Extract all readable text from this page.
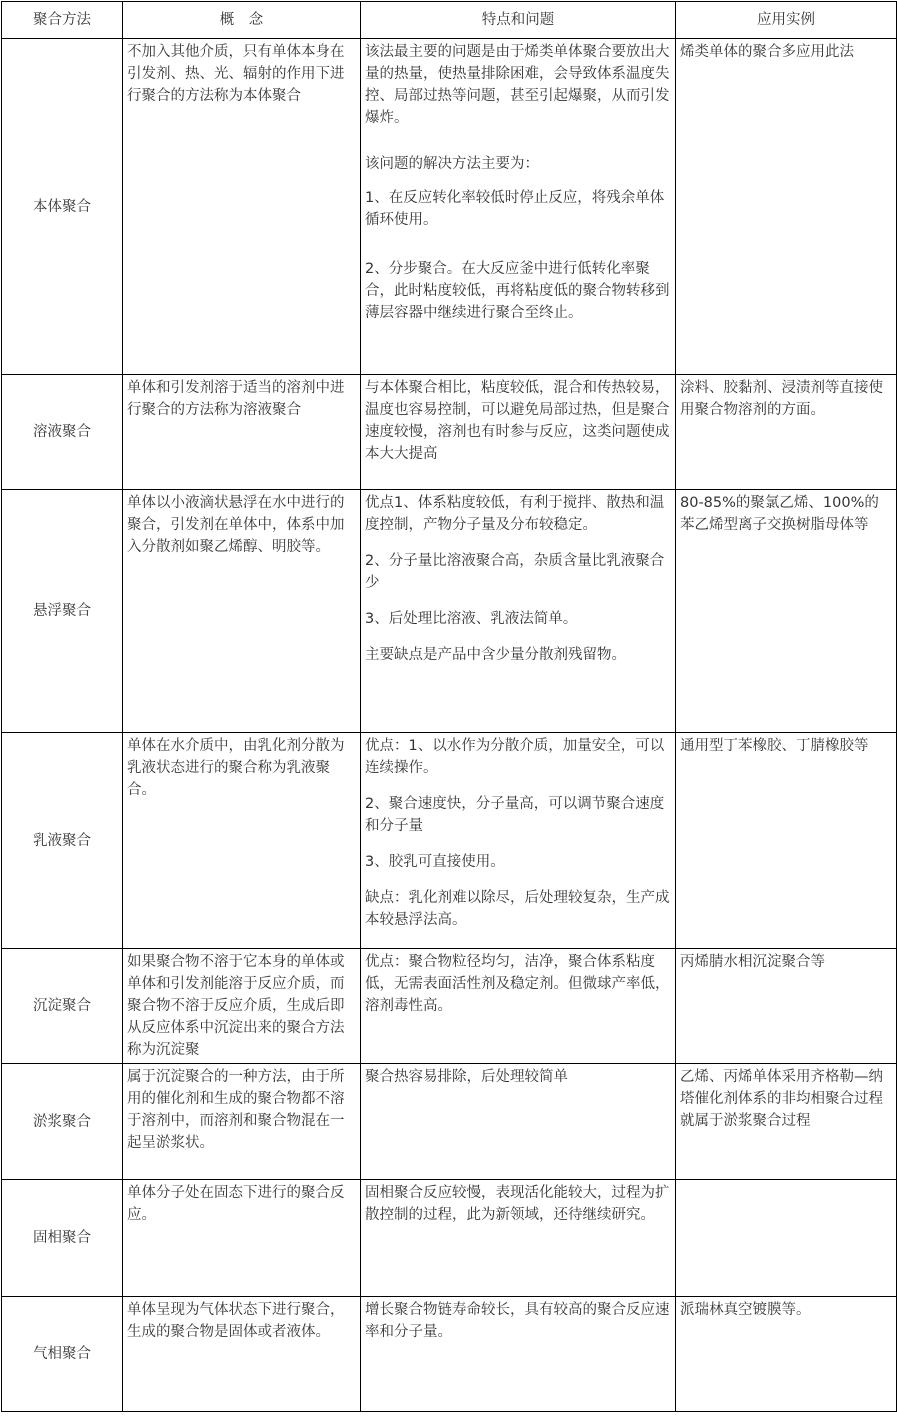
聚合方法	概　念	特点和问题	应用实例
本体聚合	不加入其他介质，只有单体本身在引发剂、热、光、辐射的作用下进行聚合的方法称为本体聚合	该法最主要的问题是由于烯类单体聚合要放出大量的热量，使热量排除困难，会导致体系温度失控、局部过热等问题，甚至引起爆聚，从而引发爆炸。

该问题的解决方法主要为：

1、在反应转化率较低时停止反应，将残余单体循环使用。

2、分步聚合。在大反应釜中进行低转化率聚合，此时粘度较低，再将粘度低的聚合物转移到薄层容器中继续进行聚合至终止。	烯类单体的聚合多应用此法
溶液聚合	单体和引发剂溶于适当的溶剂中进行聚合的方法称为溶液聚合	与本体聚合相比，粘度较低，混合和传热较易，温度也容易控制，可以避免局部过热，但是聚合速度较慢，溶剂也有时参与反应，这类问题使成本大大提高	涂料、胶黏剂、浸渍剂等直接使用聚合物溶剂的方面。
悬浮聚合	单体以小液滴状悬浮在水中进行的聚合，引发剂在单体中，体系中加入分散剂如聚乙烯醇、明胶等。	优点1、体系粘度较低，有利于搅拌、散热和温度控制，产物分子量及分布较稳定。

2、分子量比溶液聚合高，杂质含量比乳液聚合少

3、后处理比溶液、乳液法简单。

主要缺点是产品中含少量分散剂残留物。	80-85%的聚氯乙烯、100%的苯乙烯型离子交换树脂母体等
乳液聚合	单体在水介质中，由乳化剂分散为乳液状态进行的聚合称为乳液聚合。	优点：1、以水作为分散介质，加量安全，可以连续操作。

2、聚合速度快，分子量高，可以调节聚合速度和分子量

3、胶乳可直接使用。

缺点：乳化剂难以除尽，后处理较复杂，生产成本较悬浮法高。	通用型丁苯橡胶、丁腈橡胶等
沉淀聚合	如果聚合物不溶于它本身的单体或单体和引发剂能溶于反应介质，而聚合物不溶于反应介质，生成后即从反应体系中沉淀出来的聚合方法称为沉淀聚	优点：聚合物粒径均匀，洁净，聚合体系粘度低，无需表面活性剂及稳定剂。但微球产率低，溶剂毒性高。	丙烯腈水相沉淀聚合等
淤浆聚合	属于沉淀聚合的一种方法，由于所用的催化剂和生成的聚合物都不溶于溶剂中，而溶剂和聚合物混在一起呈淤浆状。	聚合热容易排除，后处理较简单	乙烯、丙烯单体采用齐格勒—纳塔催化剂体系的非均相聚合过程就属于淤浆聚合过程
固相聚合	单体分子处在固态下进行的聚合反应。	固相聚合反应较慢，表现活化能较大，过程为扩散控制的过程，此为新领域，还待继续研究。	

气相聚合	单体呈现为气体状态下进行聚合，生成的聚合物是固体或者液体。	增长聚合物链寿命较长，具有较高的聚合反应速率和分子量。	派瑞林真空镀膜等。
